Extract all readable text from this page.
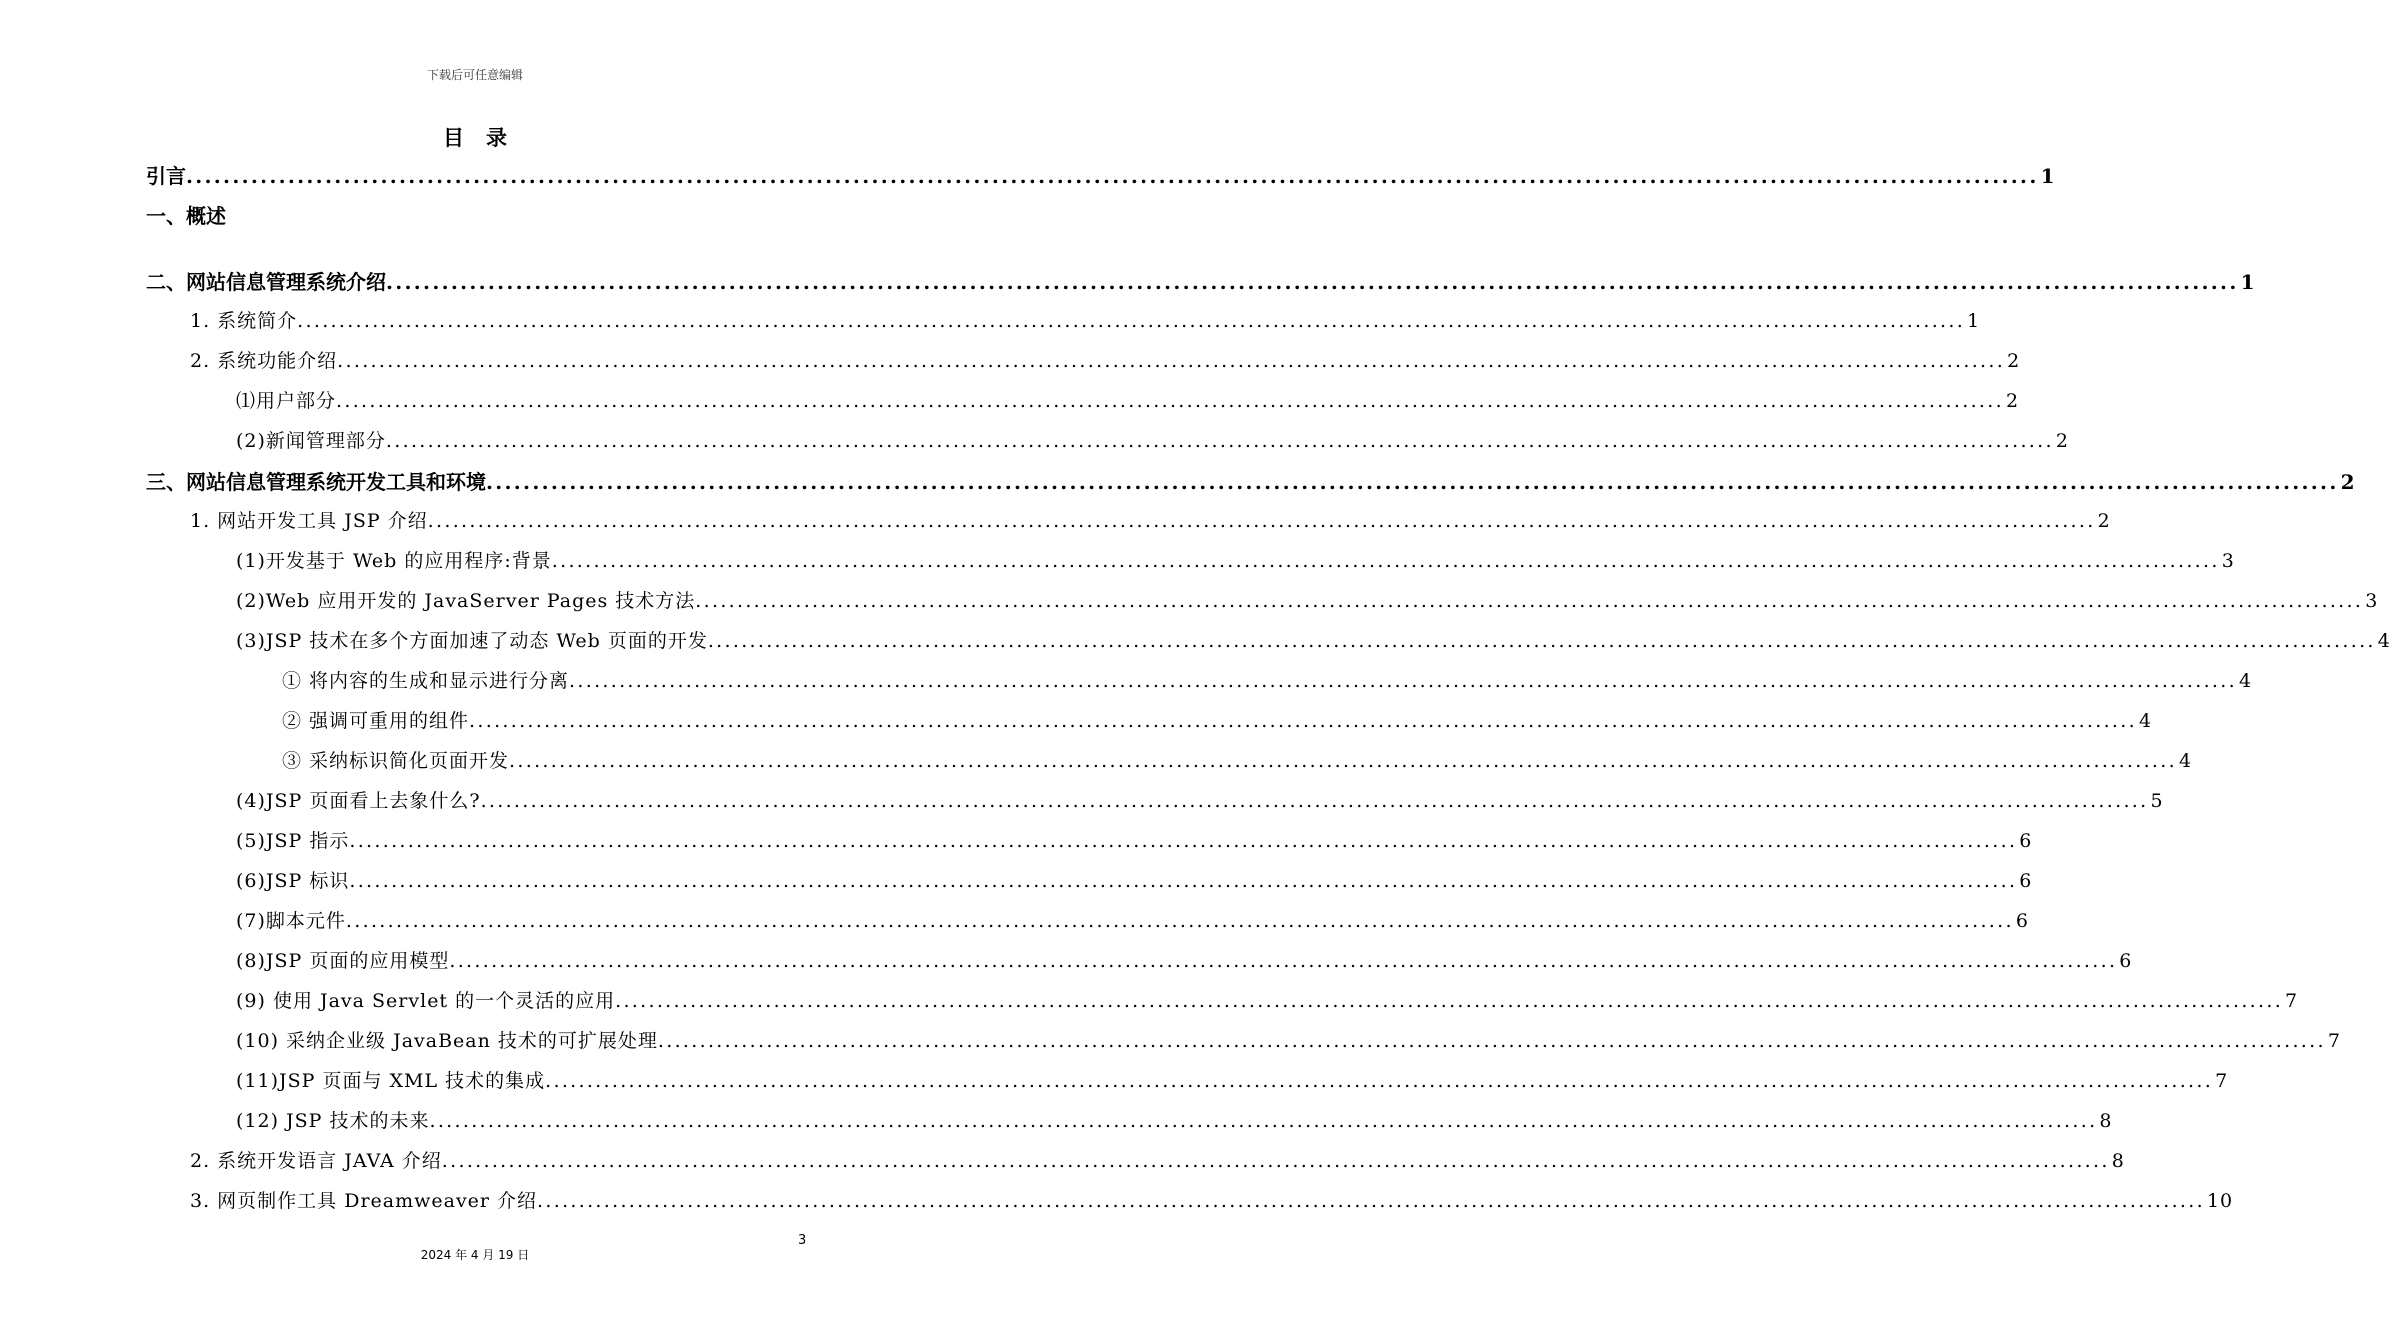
下载后可任意编辑
目录
引言 ........................................................................................................................................................................................................ 1
一、概述
二、网站信息管理系统介绍 ........................................................................................................................................................................................................ 1
1. 系统简介 ........................................................................................................................................................................................................ 1
2. 系统功能介绍 ........................................................................................................................................................................................................ 2
⑴用户部分 ........................................................................................................................................................................................................ 2
(2)新闻管理部分 ........................................................................................................................................................................................................ 2
三、网站信息管理系统开发工具和环境 ........................................................................................................................................................................................................ 2
1. 网站开发工具 JSP 介绍 ........................................................................................................................................................................................................ 2
(1)开发基于 Web 的应用程序:背景 ........................................................................................................................................................................................................ 3
(2)Web 应用开发的 JavaServer Pages 技术方法 ........................................................................................................................................................................................................ 3
(3)JSP 技术在多个方面加速了动态 Web 页面的开发 ........................................................................................................................................................................................................ 4
① 将内容的生成和显示进行分离 ........................................................................................................................................................................................................ 4
② 强调可重用的组件 ........................................................................................................................................................................................................ 4
③ 采纳标识简化页面开发 ........................................................................................................................................................................................................ 4
(4)JSP 页面看上去象什么? ........................................................................................................................................................................................................ 5
(5)JSP 指示 ........................................................................................................................................................................................................ 6
(6)JSP 标识 ........................................................................................................................................................................................................ 6
(7)脚本元件 ........................................................................................................................................................................................................ 6
(8)JSP 页面的应用模型 ........................................................................................................................................................................................................ 6
(9) 使用 Java Servlet 的一个灵活的应用 ........................................................................................................................................................................................................ 7
(10) 采纳企业级 JavaBean 技术的可扩展处理 ........................................................................................................................................................................................................ 7
(11)JSP 页面与 XML 技术的集成 ........................................................................................................................................................................................................ 7
(12) JSP 技术的未来 ........................................................................................................................................................................................................ 8
2. 系统开发语言 JAVA 介绍 ........................................................................................................................................................................................................ 8
3. 网页制作工具 Dreamweaver 介绍 ........................................................................................................................................................................................................ 10
3
2024 年 4 月 19 日
